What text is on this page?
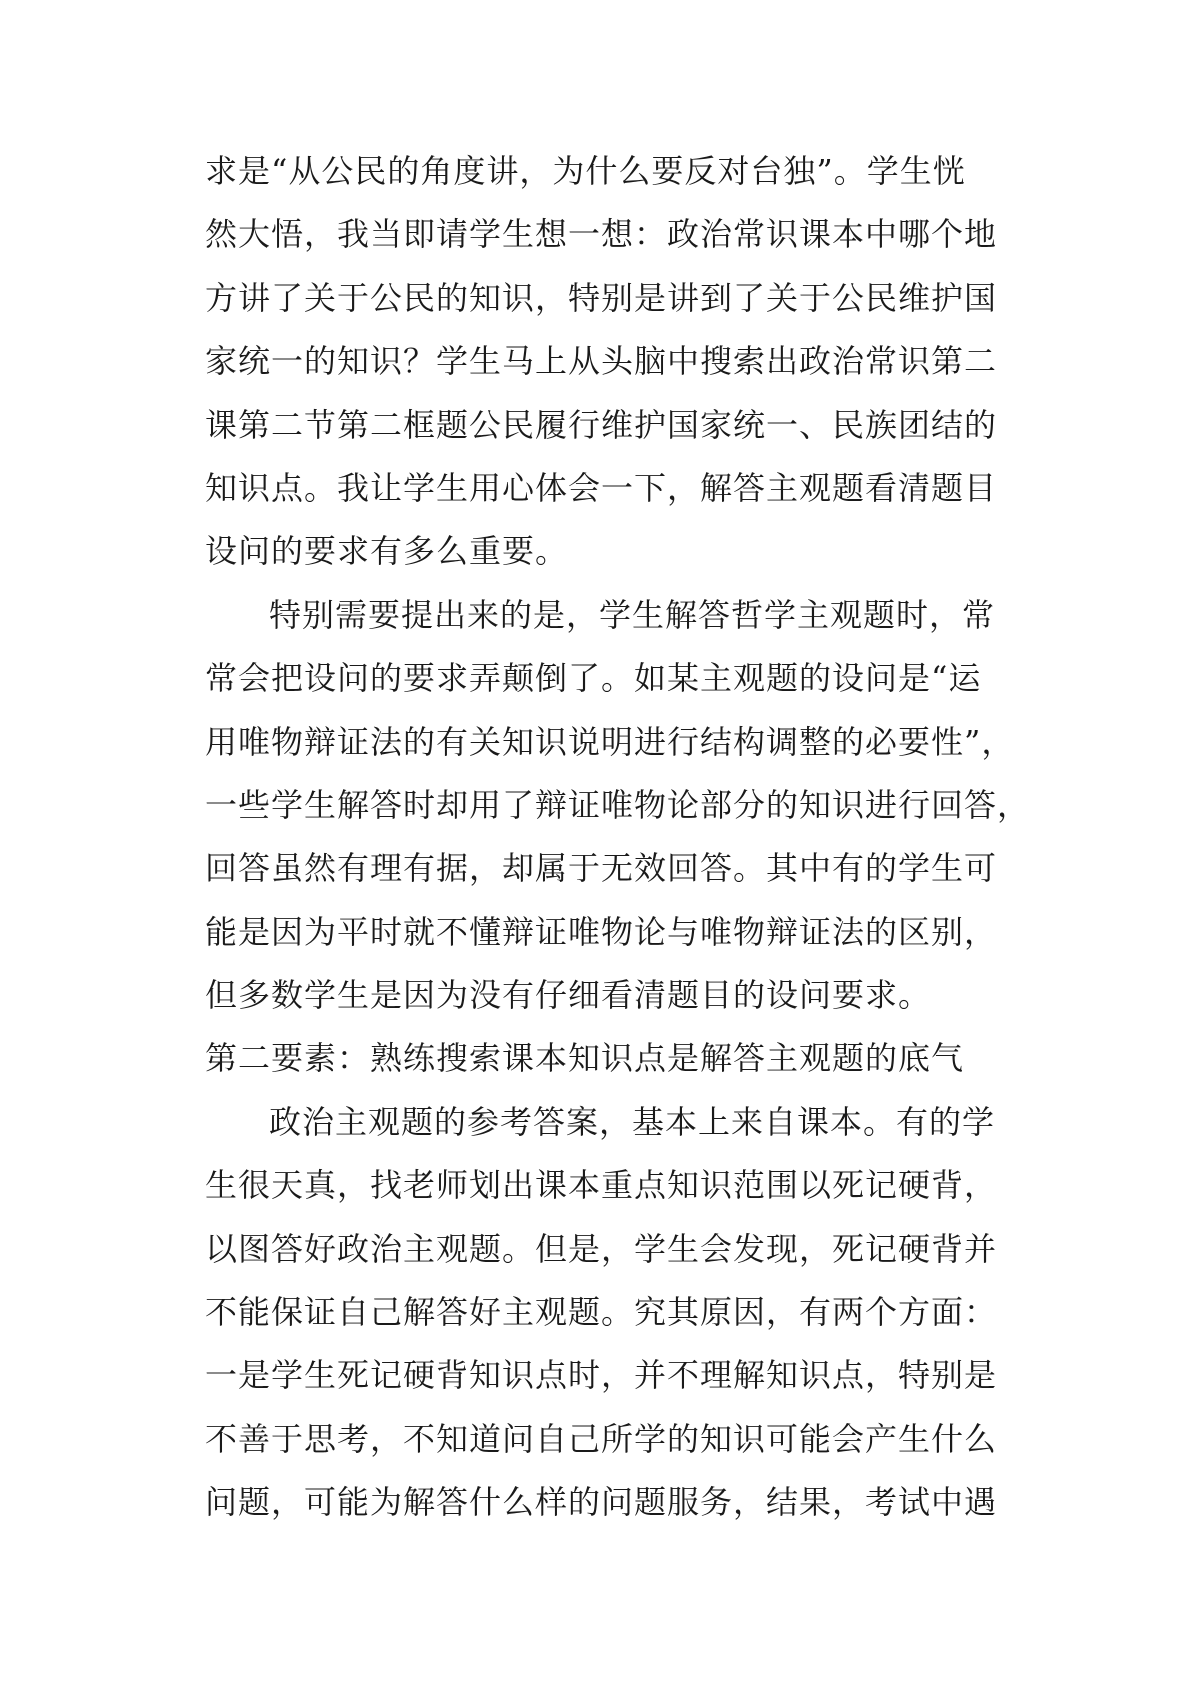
求是“从公民的角度讲，为什么要反对台独”。学生恍
然大悟，我当即请学生想一想：政治常识课本中哪个地
方讲了关于公民的知识，特别是讲到了关于公民维护国
家统一的知识？学生马上从头脑中搜索出政治常识第二
课第二节第二框题公民履行维护国家统一、民族团结的
知识点。我让学生用心体会一下，解答主观题看清题目
设问的要求有多么重要。
特别需要提出来的是，学生解答哲学主观题时，常
常会把设问的要求弄颠倒了。如某主观题的设问是“运
用唯物辩证法的有关知识说明进行结构调整的必要性”，
一些学生解答时却用了辩证唯物论部分的知识进行回答，
回答虽然有理有据，却属于无效回答。其中有的学生可
能是因为平时就不懂辩证唯物论与唯物辩证法的区别，
但多数学生是因为没有仔细看清题目的设问要求。
第二要素：熟练搜索课本知识点是解答主观题的底气
政治主观题的参考答案，基本上来自课本。有的学
生很天真，找老师划出课本重点知识范围以死记硬背，
以图答好政治主观题。但是，学生会发现，死记硬背并
不能保证自己解答好主观题。究其原因，有两个方面：
一是学生死记硬背知识点时，并不理解知识点，特别是
不善于思考，不知道问自己所学的知识可能会产生什么
问题，可能为解答什么样的问题服务，结果，考试中遇
